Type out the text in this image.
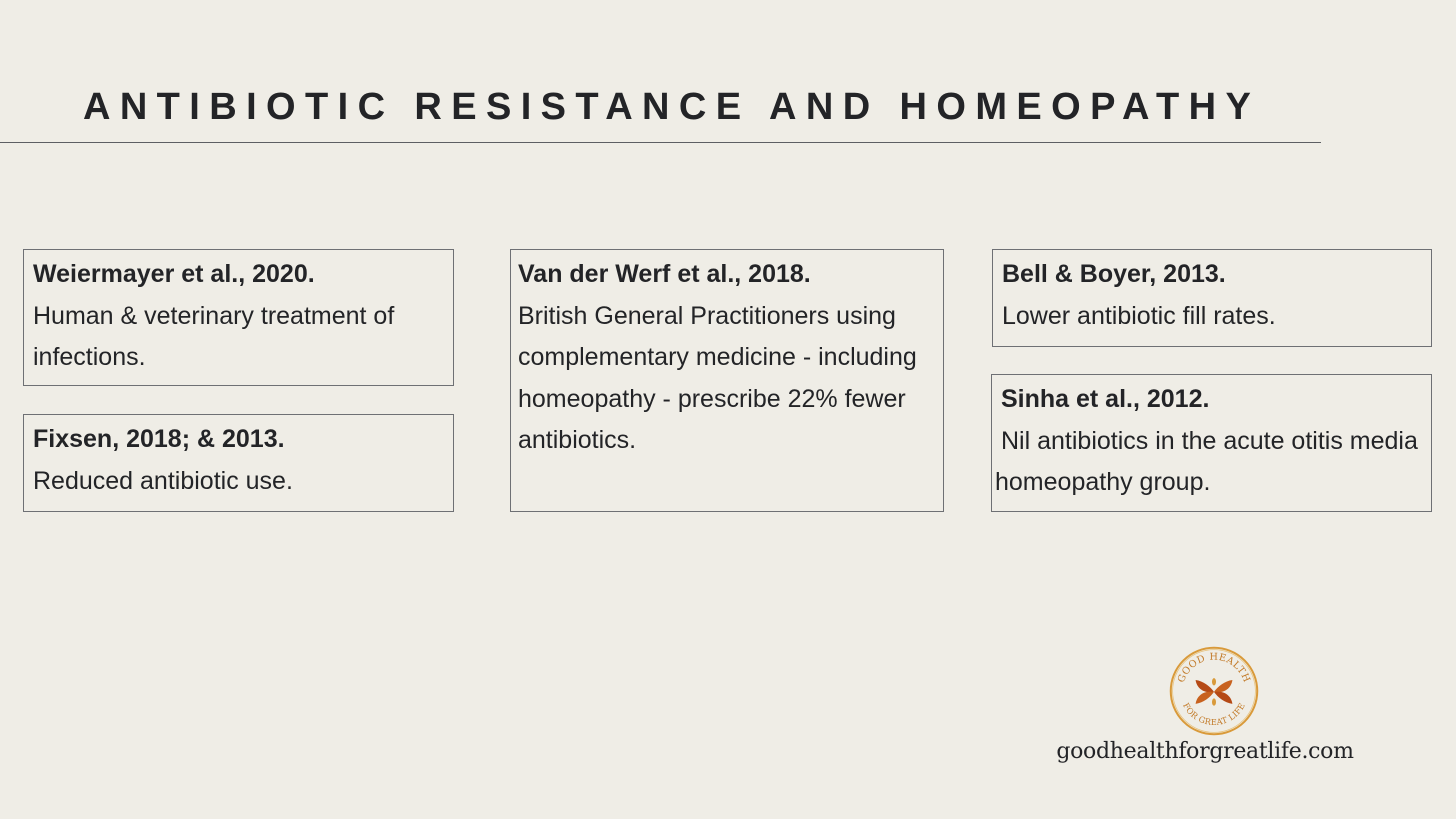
ANTIBIOTIC RESISTANCE AND HOMEOPATHY
Weiermayer et al., 2020.
Human & veterinary treatment of infections.
Fixsen, 2018; & 2013.
Reduced antibiotic use.
Van der Werf et al., 2018.
British General Practitioners using complementary medicine - including homeopathy - prescribe 22% fewer antibiotics.
Bell & Boyer, 2013.
Lower antibiotic fill rates.
Sinha et al., 2012.
Nil antibiotics in the acute otitis media homeopathy group.
GOOD HEALTH
FOR GREAT LIFE
goodhealthforgreatlife.com
